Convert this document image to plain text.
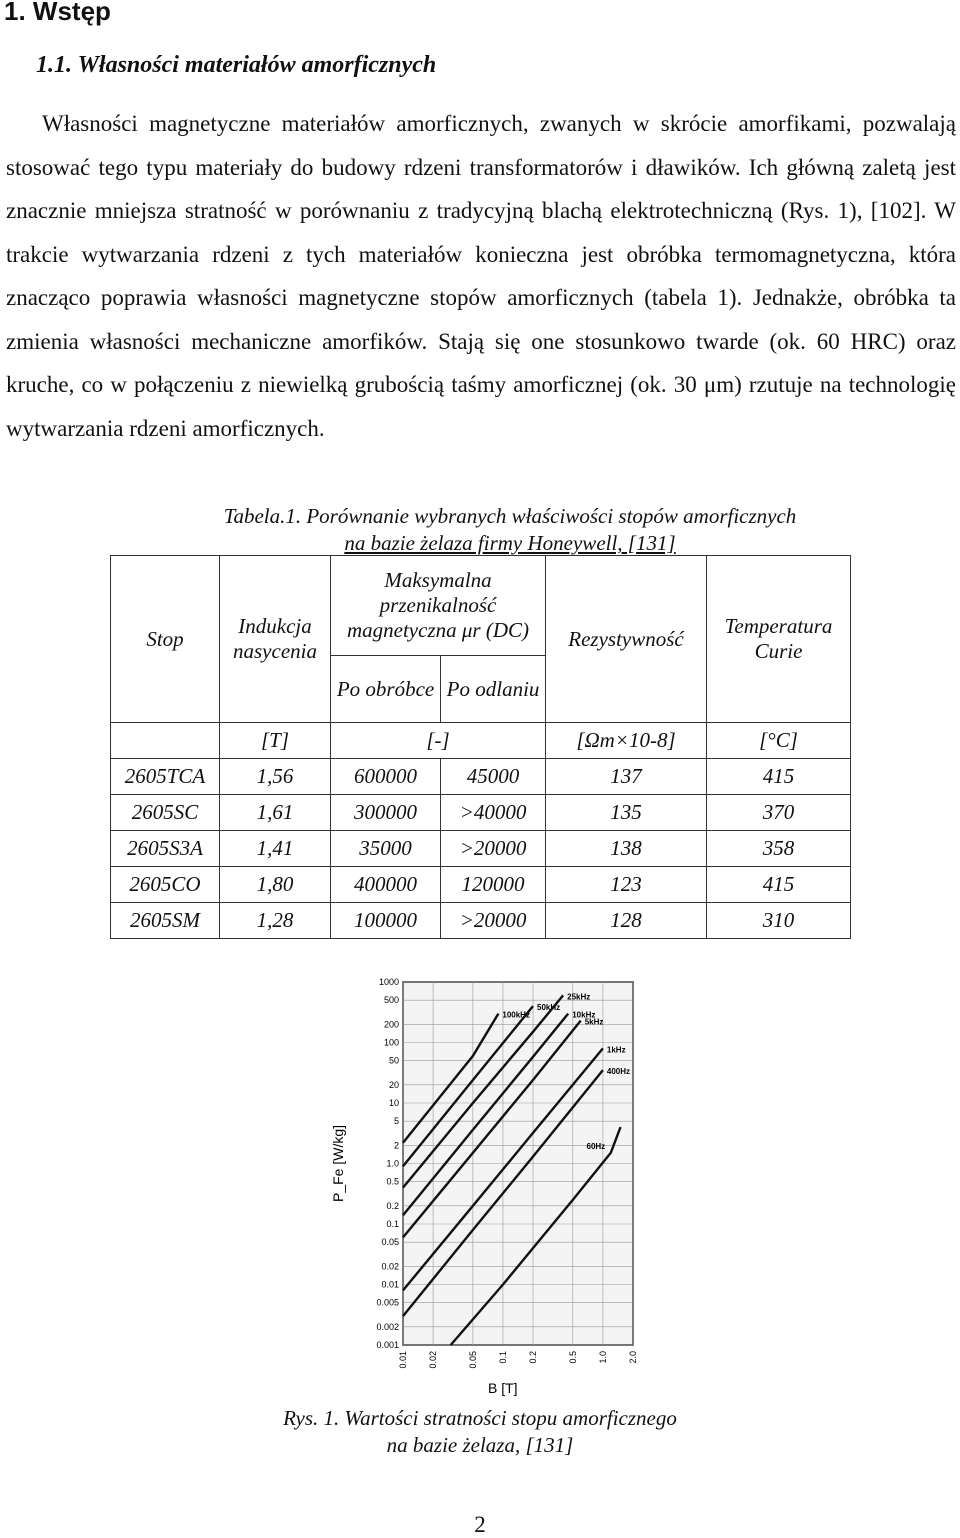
1. Wstęp
1.1. Własności materiałów amorficznych

Własności magnetyczne materiałów amorficznych, zwanych w skrócie amorfikami, pozwalają stosować tego typu materiały do budowy rdzeni transformatorów i dławików. Ich główną zaletą jest znacznie mniejsza stratność w porównaniu z tradycyjną blachą elektrotechniczną (Rys. 1), [102]. W trakcie wytwarzania rdzeni z tych materiałów konieczna jest obróbka termomagnetyczna, która znacząco poprawia własności magnetyczne stopów amorficznych (tabela 1). Jednakże, obróbka ta zmienia własności mechaniczne amorfików. Stają się one stosunkowo twarde (ok. 60 HRC) oraz kruche, co w połączeniu z niewielką grubością taśmy amorficznej (ok. 30 μm) rzutuje na technologię wytwarzania rdzeni amorficznych.

Tabela.1. Porównanie wybranych właściwości stopów amorficznych
na bazie żelaza firmy Honeywell, [131]
Stop	Indukcja nasycenia	Maksymalna przenikalność magnetyczna μr (DC)		Rezystywność	Temperatura Curie
		Po obróbce	Po odlaniu		
	[T]	[-]		[Ωm×10-8]	[°C]
2605TCA	1,56	600000	45000	137	415
2605SC	1,61	300000	>40000	135	370
2605S3A	1,41	35000	>20000	138	358
2605CO	1,80	400000	120000	123	415
2605SM	1,28	100000	>20000	128	310
1000
500
200
100
50
20
10
5
2
1.0
0.5
0.2
0.1
0.05
0.02
0.01
0.005
0.002
0.001
0.01 0.02	0.05 0.1 0.2	0.5 1.0 2.0
100kHz
50kHz
25kHz
10kHz
5kHz
1kHz
400Hz
60Hz
B [T]
P_Fe [W/kg]
Rys. 1. Wartości stratności stopu amorficznego
na bazie żelaza, [131]
2
